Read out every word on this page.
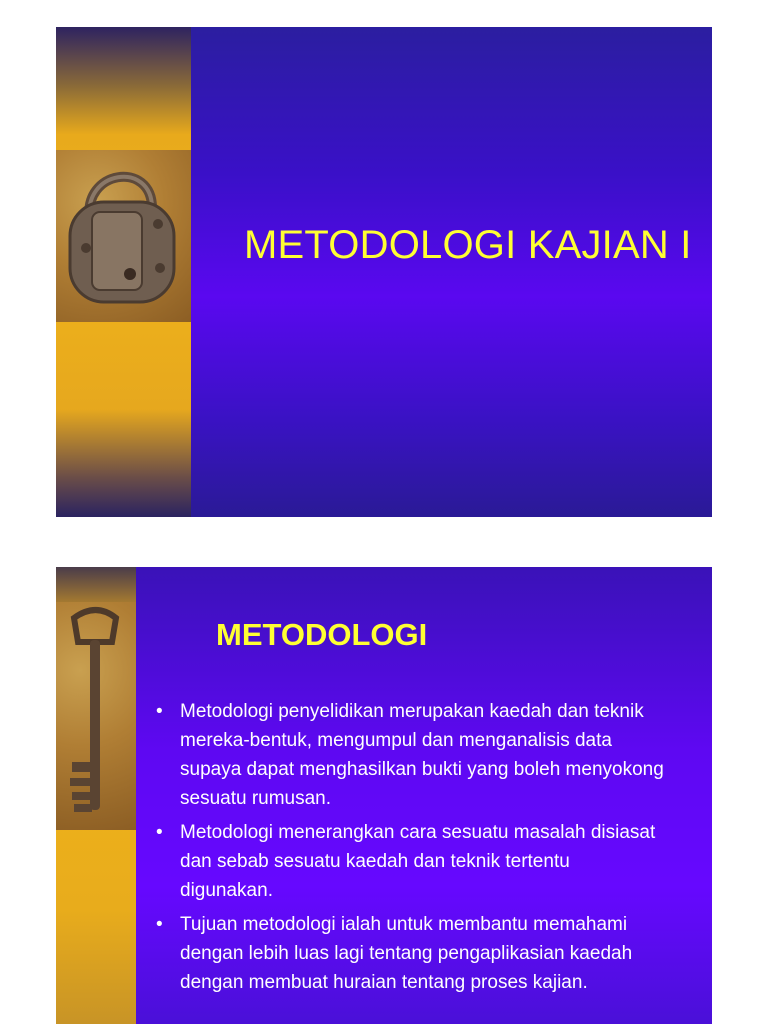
METODOLOGI KAJIAN I
METODOLOGI
• Metodologi penyelidikan merupakan kaedah dan teknik
mereka-bentuk, mengumpul dan menganalisis data
supaya dapat menghasilkan bukti yang boleh menyokong
sesuatu rumusan.
• Metodologi menerangkan cara sesuatu masalah disiasat
dan sebab sesuatu kaedah dan teknik tertentu
digunakan.
• Tujuan metodologi ialah untuk membantu memahami
dengan lebih luas lagi tentang pengaplikasian kaedah
dengan membuat huraian tentang proses kajian.
